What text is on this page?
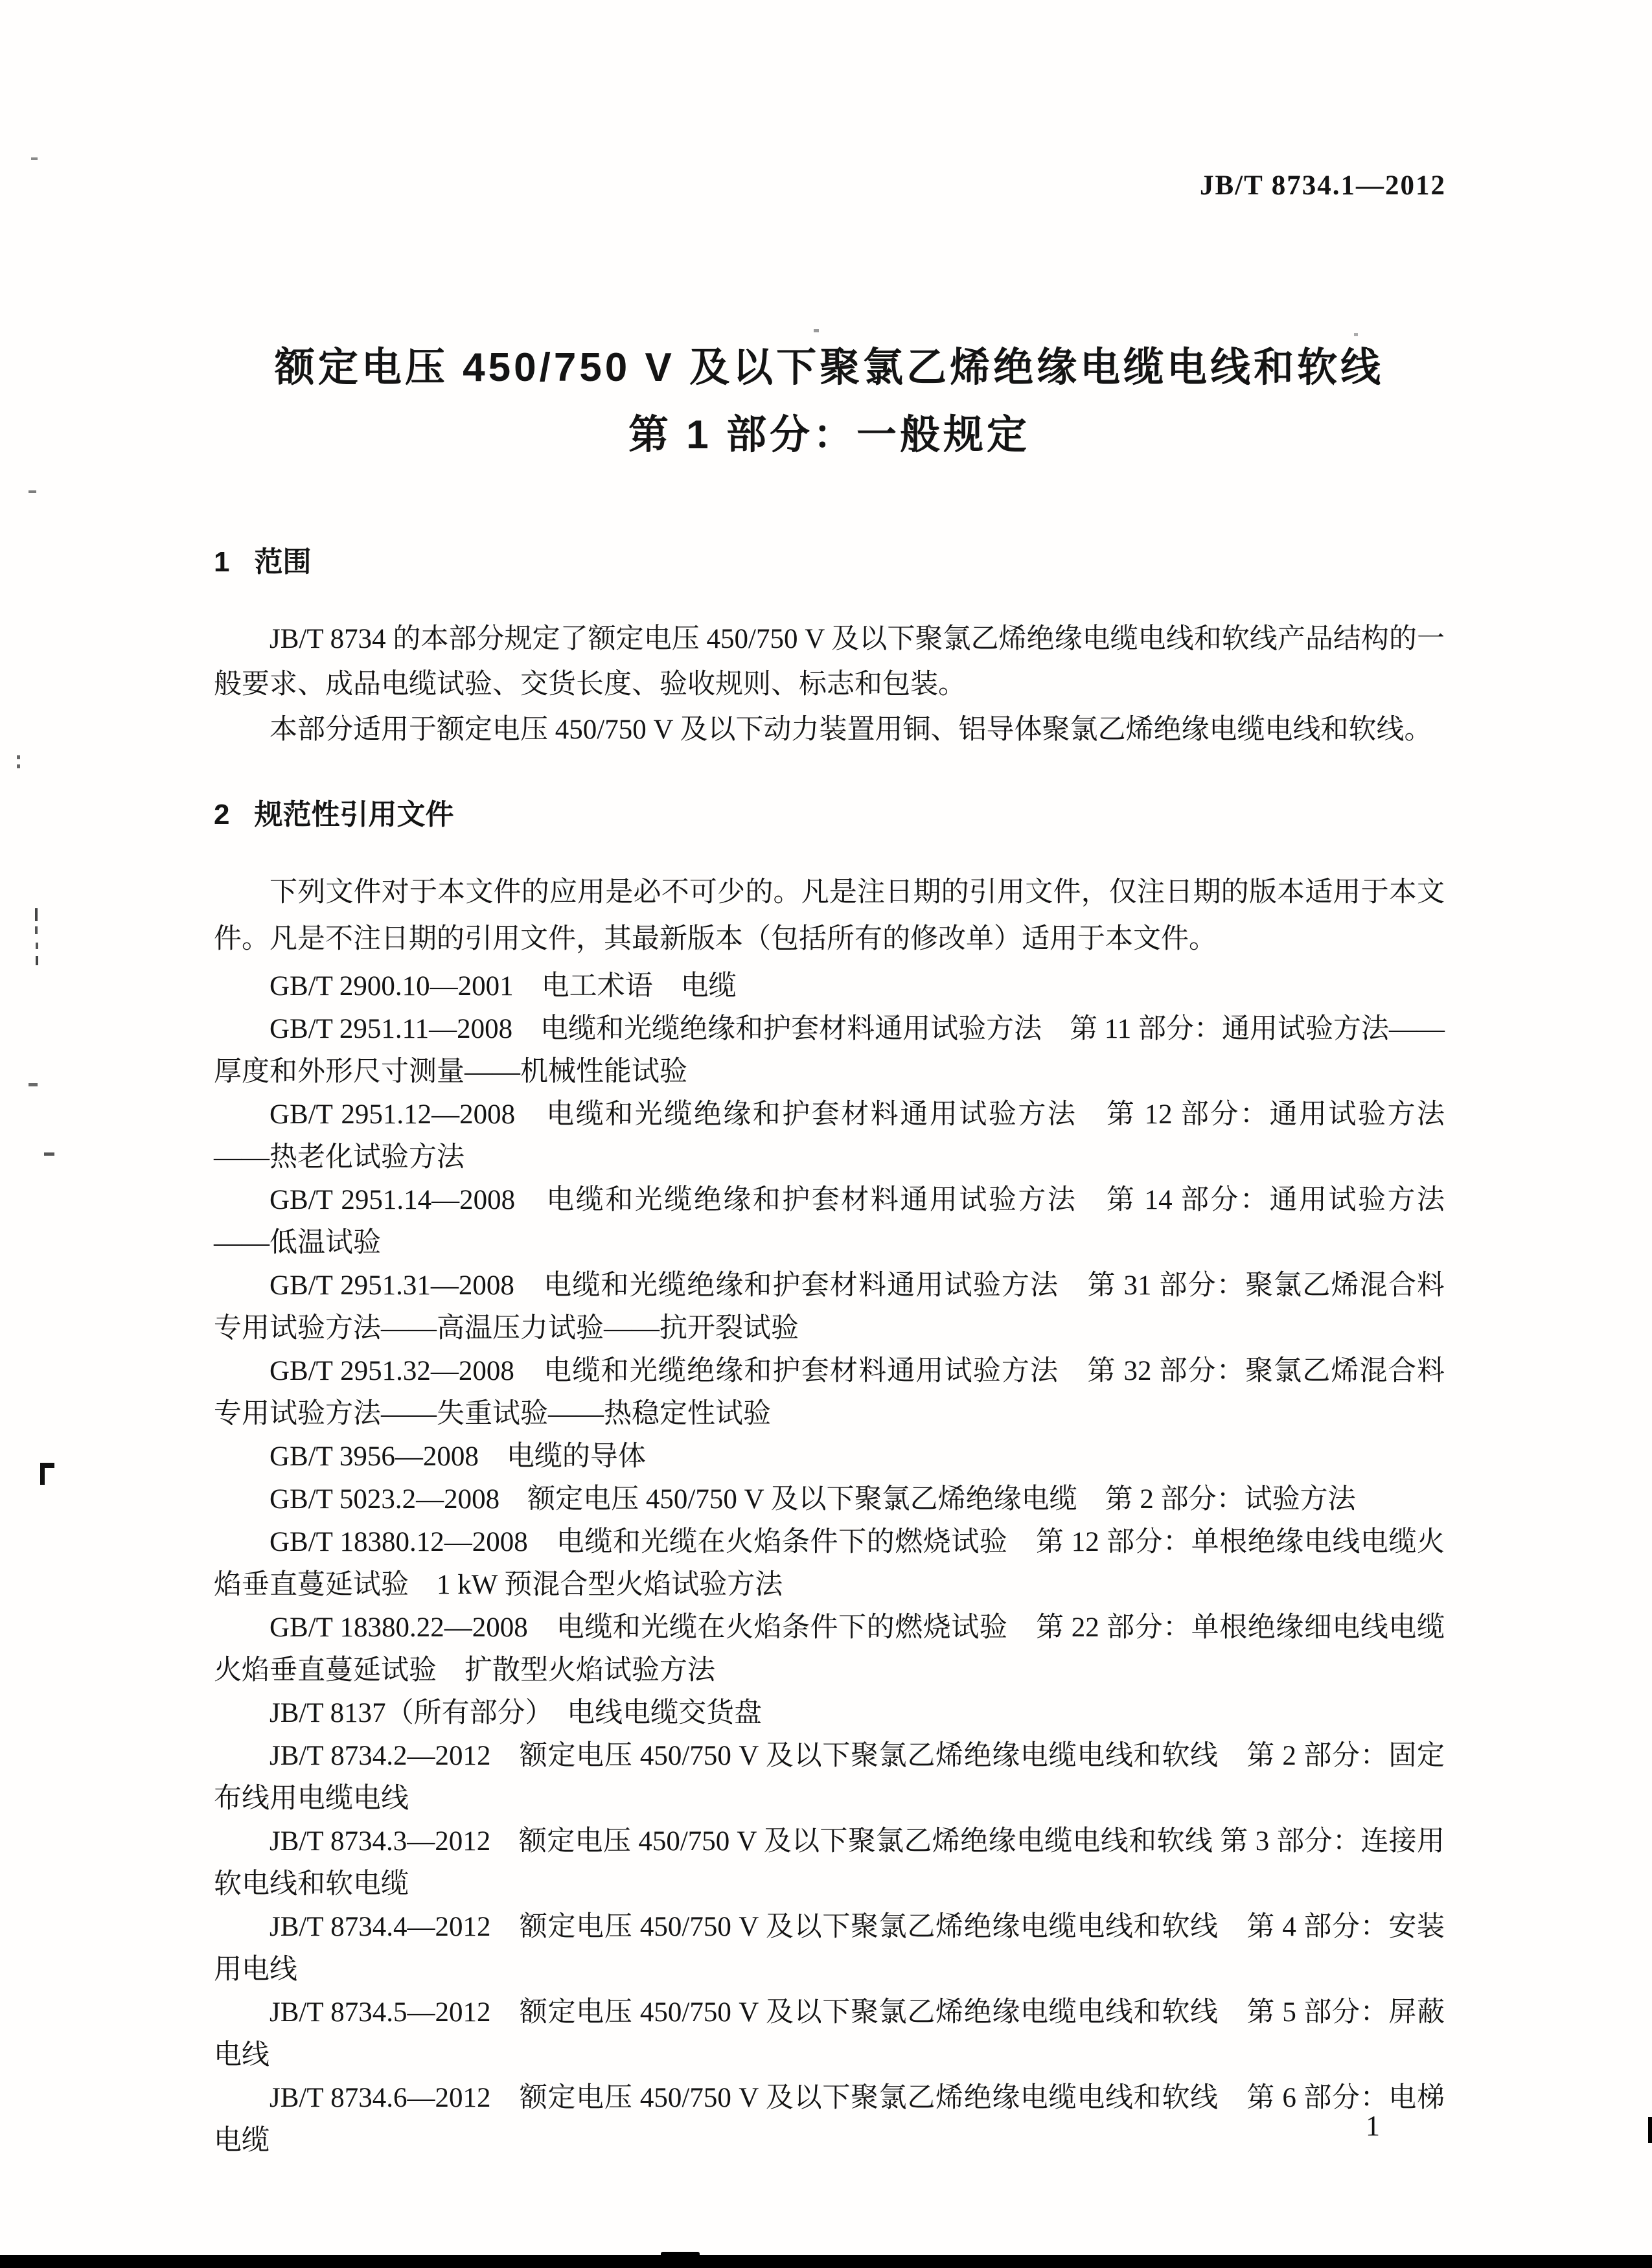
JB/T 8734.1—2012
额定电压 450/750 V 及以下聚氯乙烯绝缘电缆电线和软线
第 1 部分：一般规定
1 范围

JB/T 8734 的本部分规定了额定电压 450/750 V 及以下聚氯乙烯绝缘电缆电线和软线产品结构的一般要求、成品电缆试验、交货长度、验收规则、标志和包装。

本部分适用于额定电压 450/750 V 及以下动力装置用铜、铝导体聚氯乙烯绝缘电缆电线和软线。

2 规范性引用文件

下列文件对于本文件的应用是必不可少的。凡是注日期的引用文件，仅注日期的版本适用于本文件。凡是不注日期的引用文件，其最新版本（包括所有的修改单）适用于本文件。

GB/T 2900.10—2001　电工术语　电缆
GB/T 2951.11—2008　电缆和光缆绝缘和护套材料通用试验方法　第 11 部分：通用试验方法——厚度和外形尺寸测量——机械性能试验
GB/T 2951.12—2008　电缆和光缆绝缘和护套材料通用试验方法　第 12 部分：通用试验方法——热老化试验方法
GB/T 2951.14—2008　电缆和光缆绝缘和护套材料通用试验方法　第 14 部分：通用试验方法——低温试验
GB/T 2951.31—2008　电缆和光缆绝缘和护套材料通用试验方法　第 31 部分：聚氯乙烯混合料专用试验方法——高温压力试验——抗开裂试验
GB/T 2951.32—2008　电缆和光缆绝缘和护套材料通用试验方法　第 32 部分：聚氯乙烯混合料专用试验方法——失重试验——热稳定性试验
GB/T 3956—2008　电缆的导体
GB/T 5023.2—2008　额定电压 450/750 V 及以下聚氯乙烯绝缘电缆　第 2 部分：试验方法
GB/T 18380.12—2008　电缆和光缆在火焰条件下的燃烧试验　第 12 部分：单根绝缘电线电缆火焰垂直蔓延试验　1 kW 预混合型火焰试验方法
GB/T 18380.22—2008　电缆和光缆在火焰条件下的燃烧试验　第 22 部分：单根绝缘细电线电缆火焰垂直蔓延试验　扩散型火焰试验方法
JB/T 8137（所有部分）　电线电缆交货盘
JB/T 8734.2—2012　额定电压 450/750 V 及以下聚氯乙烯绝缘电缆电线和软线　第 2 部分：固定布线用电缆电线
JB/T 8734.3—2012　额定电压 450/750 V 及以下聚氯乙烯绝缘电缆电线和软线 第 3 部分：连接用软电线和软电缆
JB/T 8734.4—2012　额定电压 450/750 V 及以下聚氯乙烯绝缘电缆电线和软线　第 4 部分：安装用电线
JB/T 8734.5—2012　额定电压 450/750 V 及以下聚氯乙烯绝缘电缆电线和软线　第 5 部分：屏蔽电线
JB/T 8734.6—2012　额定电压 450/750 V 及以下聚氯乙烯绝缘电缆电线和软线　第 6 部分：电梯电缆	1
